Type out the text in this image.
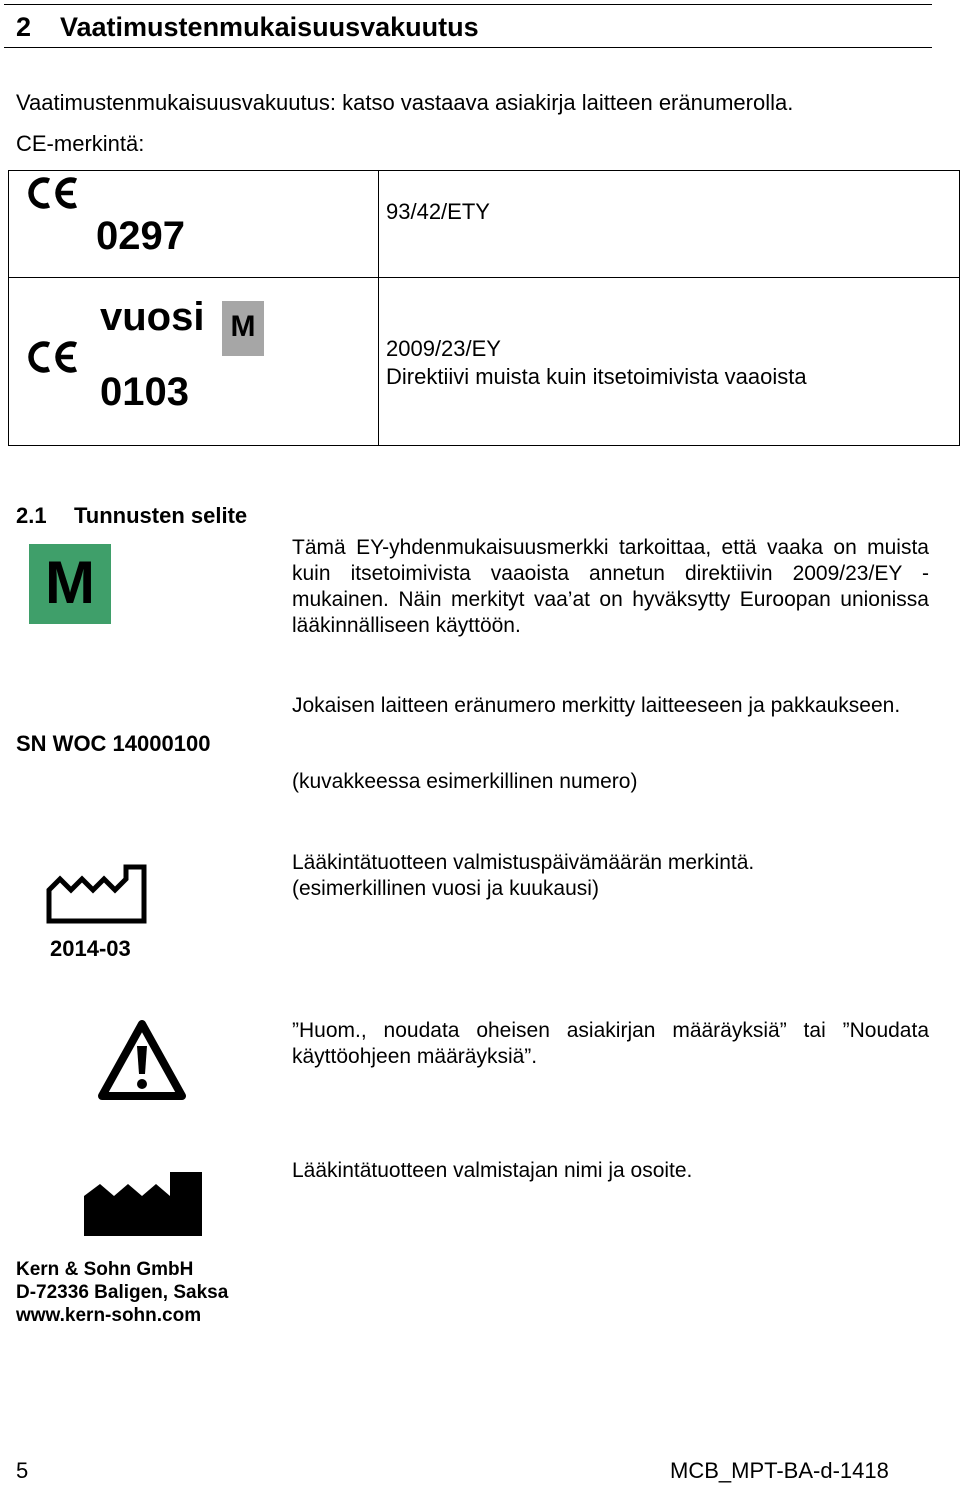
2 Vaatimustenmukaisuusvakuutus
Vaatimustenmukaisuusvakuutus: katso vastaava asiakirja laitteen eränumerolla.
CE-merkintä:
0297
93/42/ETY
vuosi M
0103
2009/23/EY
Direktiivi muista kuin itsetoimivista vaaoista
2.1 Tunnusten selite
M
Tämä EY-yhdenmukaisuusmerkki tarkoittaa, että vaaka on muista kuin itsetoimivista vaaoista annetun direktiivin 2009/23/EY -mukainen. Näin merkityt vaa’at on hyväksytty Euroopan unionissa lääkinnälliseen käyttöön.
SN WOC 14000100
Jokaisen laitteen eränumero merkitty laitteeseen ja pakkaukseen.
(kuvakkeessa esimerkillinen numero)
2014-03
Lääkintätuotteen valmistuspäivämäärän merkintä.
(esimerkillinen vuosi ja kuukausi)
”Huom., noudata oheisen asiakirjan määräyksiä” tai ”Noudata käyttöohjeen määräyksiä”.
Lääkintätuotteen valmistajan nimi ja osoite.
Kern & Sohn GmbH
D-72336 Baligen, Saksa
www.kern-sohn.com
5	MCB_MPT-BA-d-1418
